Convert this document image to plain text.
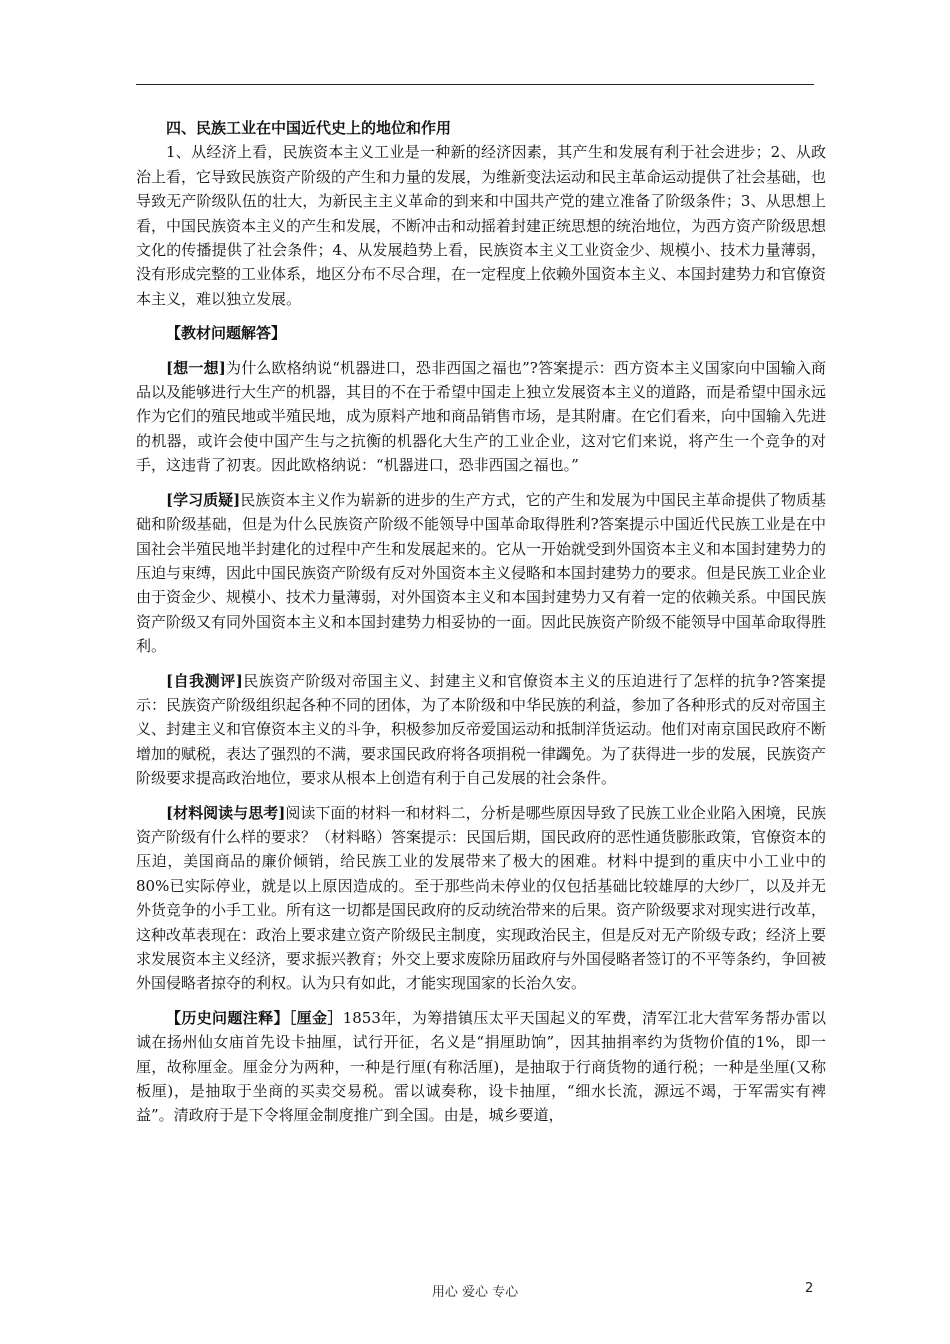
四、民族工业在中国近代史上的地位和作用

1、从经济上看，民族资本主义工业是一种新的经济因素，其产生和发展有利于社会进步；2、从政治上看，它导致民族资产阶级的产生和力量的发展，为维新变法运动和民主革命运动提供了社会基础，也导致无产阶级队伍的壮大，为新民主主义革命的到来和中国共产党的建立准备了阶级条件；3、从思想上看，中国民族资本主义的产生和发展，不断冲击和动摇着封建正统思想的统治地位，为西方资产阶级思想文化的传播提供了社会条件；4、从发展趋势上看，民族资本主义工业资金少、规模小、技术力量薄弱，没有形成完整的工业体系，地区分布不尽合理，在一定程度上依赖外国资本主义、本国封建势力和官僚资本主义，难以独立发展。

【教材问题解答】

[想一想]为什么欧格纳说“机器进口，恐非西国之福也”?答案提示：西方资本主义国家向中国输入商品以及能够进行大生产的机器，其目的不在于希望中国走上独立发展资本主义的道路，而是希望中国永远作为它们的殖民地或半殖民地，成为原料产地和商品销售市场，是其附庸。在它们看来，向中国输入先进的机器，或许会使中国产生与之抗衡的机器化大生产的工业企业，这对它们来说，将产生一个竞争的对手，这违背了初衷。因此欧格纳说：“机器进口，恐非西国之福也。”

[学习质疑]民族资本主义作为崭新的进步的生产方式，它的产生和发展为中国民主革命提供了物质基础和阶级基础，但是为什么民族资产阶级不能领导中国革命取得胜利?答案提示中国近代民族工业是在中国社会半殖民地半封建化的过程中产生和发展起来的。它从一开始就受到外国资本主义和本国封建势力的压迫与束缚，因此中国民族资产阶级有反对外国资本主义侵略和本国封建势力的要求。但是民族工业企业由于资金少、规模小、技术力量薄弱，对外国资本主义和本国封建势力又有着一定的依赖关系。中国民族资产阶级又有同外国资本主义和本国封建势力相妥协的一面。因此民族资产阶级不能领导中国革命取得胜利。

[自我测评]民族资产阶级对帝国主义、封建主义和官僚资本主义的压迫进行了怎样的抗争?答案提示：民族资产阶级组织起各种不同的团体，为了本阶级和中华民族的利益，参加了各种形式的反对帝国主义、封建主义和官僚资本主义的斗争，积极参加反帝爱国运动和抵制洋货运动。他们对南京国民政府不断增加的赋税，表达了强烈的不满，要求国民政府将各项捐税一律蠲免。为了获得进一步的发展，民族资产阶级要求提高政治地位，要求从根本上创造有利于自己发展的社会条件。

[材料阅读与思考]阅读下面的材料一和材料二，分析是哪些原因导致了民族工业企业陷入困境，民族资产阶级有什么样的要求？（材料略）答案提示：民国后期，国民政府的恶性通货膨胀政策，官僚资本的压迫，美国商品的廉价倾销，给民族工业的发展带来了极大的困难。材料中提到的重庆中小工业中的80%已实际停业，就是以上原因造成的。至于那些尚未停业的仅包括基础比较雄厚的大纱厂，以及并无外货竞争的小手工业。所有这一切都是国民政府的反动统治带来的后果。资产阶级要求对现实进行改革，这种改革表现在：政治上要求建立资产阶级民主制度，实现政治民主，但是反对无产阶级专政；经济上要求发展资本主义经济，要求振兴教育；外交上要求废除历届政府与外国侵略者签订的不平等条约，争回被外国侵略者掠夺的利权。认为只有如此，才能实现国家的长治久安。

【历史问题注释】［厘金］1853年，为筹措镇压太平天国起义的军费，清军江北大营军务帮办雷以诚在扬州仙女庙首先设卡抽厘，试行开征，名义是“捐厘助饷”，因其抽捐率约为货物价值的1%，即一厘，故称厘金。厘金分为两种，一种是行厘(有称活厘)，是抽取于行商货物的通行税；一种是坐厘(又称板厘)，是抽取于坐商的买卖交易税。雷以诚奏称，设卡抽厘，“细水长流，源远不竭，于军需实有裨益”。清政府于是下令将厘金制度推广到全国。由是，城乡要道，

用心 爱心 专心	2
